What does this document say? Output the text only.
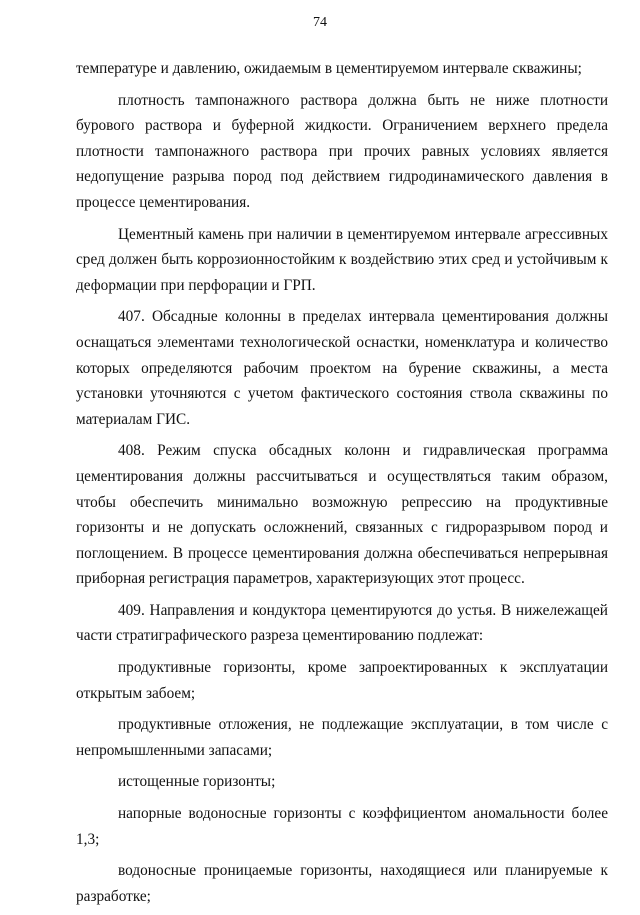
74

температуре и давлению, ожидаемым в цементируемом интервале скважины;

плотность тампонажного раствора должна быть не ниже плотности бурового раствора и буферной жидкости. Ограничением верхнего предела плотности тампонажного раствора при прочих равных условиях является недопущение разрыва пород под действием гидродинамического давления в процессе цементирования.

Цементный камень при наличии в цементируемом интервале агрессивных сред должен быть коррозионностойким к воздействию этих сред и устойчивым к деформации при перфорации и ГРП.

407. Обсадные колонны в пределах интервала цементирования должны оснащаться элементами технологической оснастки, номенклатура и количество которых определяются рабочим проектом на бурение скважины, а места установки уточняются с учетом фактического состояния ствола скважины по материалам ГИС.

408. Режим спуска обсадных колонн и гидравлическая программа цементирования должны рассчитываться и осуществляться таким образом, чтобы обеспечить минимально возможную репрессию на продуктивные горизонты и не допускать осложнений, связанных с гидроразрывом пород и поглощением. В процессе цементирования должна обеспечиваться непрерывная приборная регистрация параметров, характеризующих этот процесс.

409. Направления и кондуктора цементируются до устья. В нижележащей части стратиграфического разреза цементированию подлежат:

продуктивные горизонты, кроме запроектированных к эксплуатации открытым забоем;

продуктивные отложения, не подлежащие эксплуатации, в том числе с непромышленными запасами;

истощенные горизонты;

напорные водоносные горизонты с коэффициентом аномальности более 1,3;

водоносные проницаемые горизонты, находящиеся или планируемые к разработке;
